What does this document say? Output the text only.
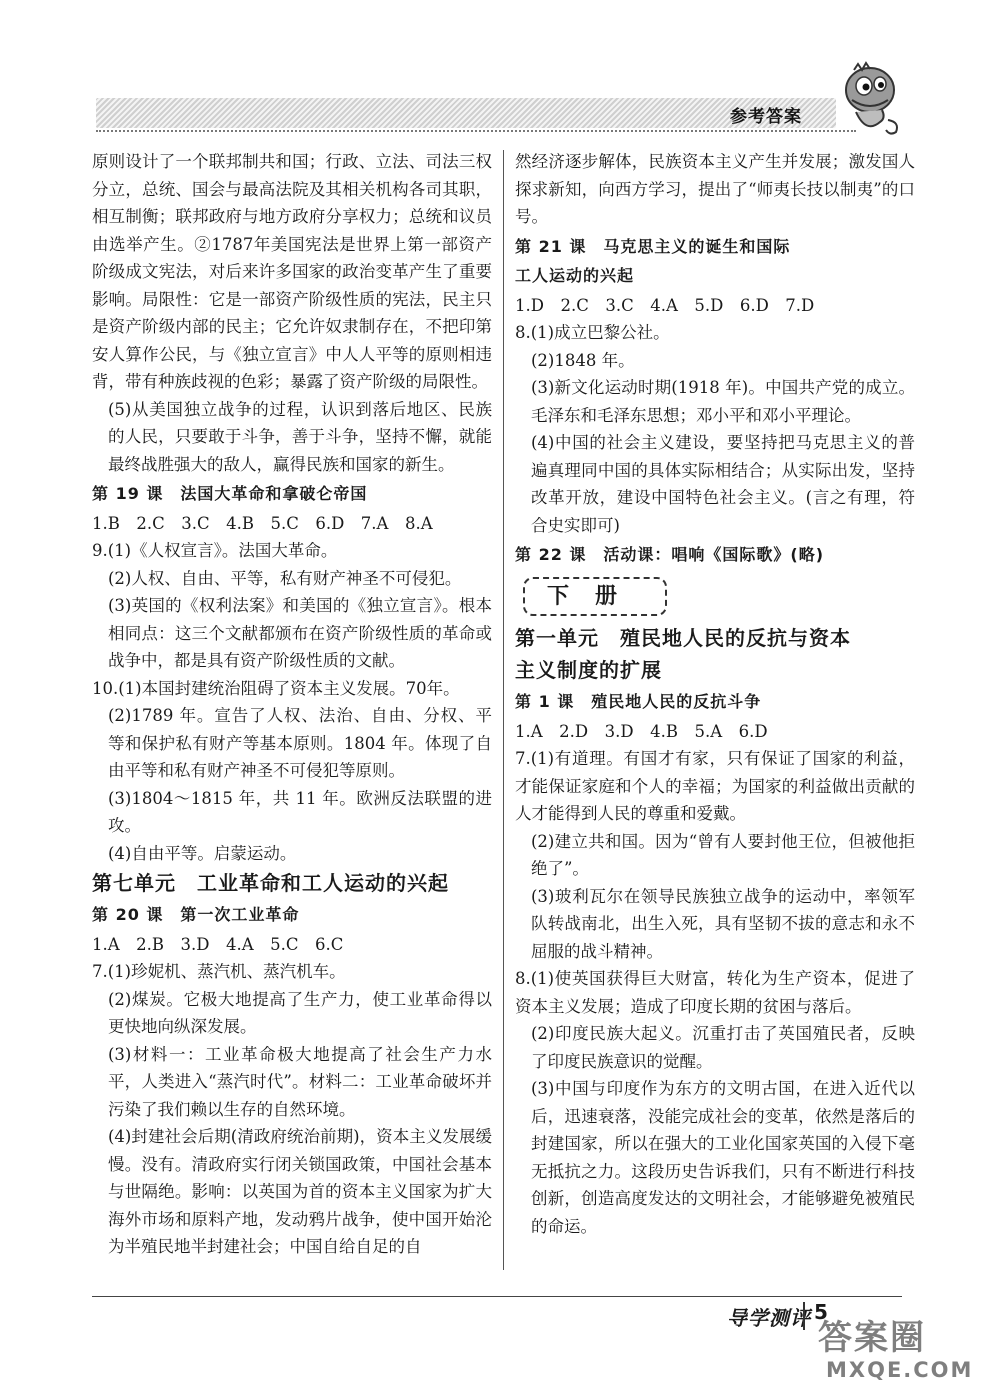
参考答案

原则设计了一个联邦制共和国；行政、立法、司法三权分立，总统、国会与最高法院及其相关机构各司其职，相互制衡；联邦政府与地方政府分享权力；总统和议员由选举产生。②1787年美国宪法是世界上第一部资产阶级成文宪法，对后来许多国家的政治变革产生了重要影响。局限性：它是一部资产阶级性质的宪法，民主只是资产阶级内部的民主；它允许奴隶制存在，不把印第安人算作公民，与《独立宣言》中人人平等的原则相违背，带有种族歧视的色彩；暴露了资产阶级的局限性。

(5)从美国独立战争的过程，认识到落后地区、民族的人民，只要敢于斗争，善于斗争，坚持不懈，就能最终战胜强大的敌人，赢得民族和国家的新生。

第 19 课　法国大革命和拿破仑帝国

1.B　2.C　3.C　4.B　5.C　6.D　7.A　8.A

9.(1)《人权宣言》。法国大革命。

(2)人权、自由、平等，私有财产神圣不可侵犯。

(3)英国的《权利法案》和美国的《独立宣言》。根本相同点：这三个文献都颁布在资产阶级性质的革命或战争中，都是具有资产阶级性质的文献。

10.(1)本国封建统治阻碍了资本主义发展。70年。

(2)1789 年。宣告了人权、法治、自由、分权、平等和保护私有财产等基本原则。1804 年。体现了自由平等和私有财产神圣不可侵犯等原则。

(3)1804～1815 年，共 11 年。欧洲反法联盟的进攻。

(4)自由平等。启蒙运动。

第七单元　工业革命和工人运动的兴起

第 20 课　第一次工业革命

1.A　2.B　3.D　4.A　5.C　6.C

7.(1)珍妮机、蒸汽机、蒸汽机车。

(2)煤炭。它极大地提高了生产力，使工业革命得以更快地向纵深发展。

(3)材料一：工业革命极大地提高了社会生产力水平，人类进入“蒸汽时代”。材料二：工业革命破坏并污染了我们赖以生存的自然环境。

(4)封建社会后期(清政府统治前期)，资本主义发展缓慢。没有。清政府实行闭关锁国政策，中国社会基本与世隔绝。影响：以英国为首的资本主义国家为扩大海外市场和原料产地，发动鸦片战争，使中国开始沦为半殖民地半封建社会；中国自给自足的自

然经济逐步解体，民族资本主义产生并发展；激发国人探求新知，向西方学习，提出了“师夷长技以制夷”的口号。

第 21 课　马克思主义的诞生和国际

工人运动的兴起

1.D　2.C　3.C　4.A　5.D　6.D　7.D

8.(1)成立巴黎公社。

(2)1848 年。

(3)新文化运动时期(1918 年)。中国共产党的成立。毛泽东和毛泽东思想；邓小平和邓小平理论。

(4)中国的社会主义建设，要坚持把马克思主义的普遍真理同中国的具体实际相结合；从实际出发，坚持改革开放，建设中国特色社会主义。(言之有理，符合史实即可)

第 22 课　活动课：唱响《国际歌》(略)

下册

第一单元　殖民地人民的反抗与资本

主义制度的扩展

第 1 课　殖民地人民的反抗斗争

1.A　2.D　3.D　4.B　5.A　6.D

7.(1)有道理。有国才有家，只有保证了国家的利益，才能保证家庭和个人的幸福；为国家的利益做出贡献的人才能得到人民的尊重和爱戴。

(2)建立共和国。因为“曾有人要封他王位，但被他拒绝了”。

(3)玻利瓦尔在领导民族独立战争的运动中，率领军队转战南北，出生入死，具有坚韧不拔的意志和永不屈服的战斗精神。

8.(1)使英国获得巨大财富，转化为生产资本，促进了资本主义发展；造成了印度长期的贫困与落后。

(2)印度民族大起义。沉重打击了英国殖民者，反映了印度民族意识的觉醒。

(3)中国与印度作为东方的文明古国，在进入近代以后，迅速衰落，没能完成社会的变革，依然是落后的封建国家，所以在强大的工业化国家英国的入侵下毫无抵抗之力。这段历史告诉我们，只有不断进行科技创新，创造高度发达的文明社会，才能够避免被殖民的命运。

导学测评 5
答案圈
MXQE.COM
